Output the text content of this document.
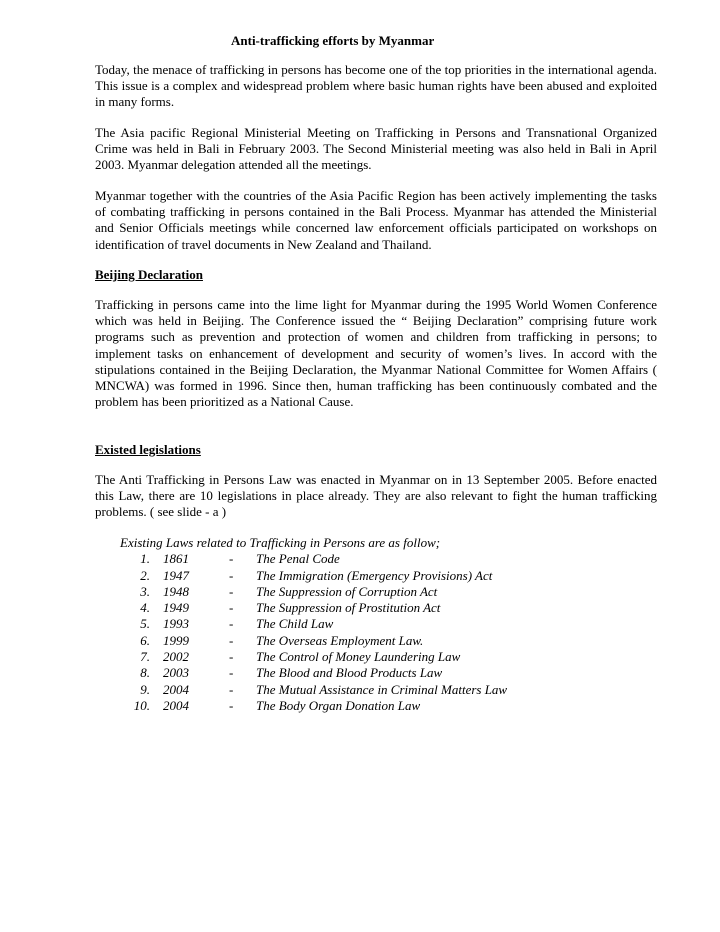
Anti-trafficking efforts by Myanmar

Today, the menace of trafficking in persons has become one of the top priorities in the international agenda. This issue is a complex and widespread problem where basic human rights have been abused and exploited in many forms.

The Asia pacific Regional Ministerial Meeting on Trafficking in Persons and Transnational Organized Crime was held in Bali in February 2003. The Second Ministerial meeting was also held in Bali in April 2003. Myanmar delegation attended all the meetings.

Myanmar together with the countries of the Asia Pacific Region has been actively implementing the tasks of combating trafficking in persons contained in the Bali Process. Myanmar has attended the Ministerial and Senior Officials meetings while concerned law enforcement officials participated on workshops on identification of travel documents in New Zealand and Thailand.

Beijing Declaration

Trafficking in persons came into the lime light for Myanmar during the 1995 World Women Conference which was held in Beijing. The Conference issued the “ Beijing Declaration” comprising future work programs such as prevention and protection of women and children from trafficking in persons; to implement tasks on enhancement of development and security of women’s lives. In accord with the stipulations contained in the Beijing Declaration, the Myanmar National Committee for Women Affairs ( MNCWA) was formed in 1996. Since then, human trafficking has been continuously combated and the problem has been prioritized as a National Cause.

Existed legislations

The Anti Trafficking in Persons Law was enacted in Myanmar on in 13 September 2005. Before enacted this Law, there are 10 legislations in place already. They are also relevant to fight the human trafficking problems. ( see slide - a )

Existing Laws related to Trafficking in Persons are as follow;
1. 1861	- The Penal Code
2. 1947	- The Immigration (Emergency Provisions) Act
3. 1948	- The Suppression of Corruption Act
4. 1949	- The Suppression of Prostitution Act
5. 1993	- The Child Law
6. 1999	- The Overseas Employment Law.
7. 2002	- The Control of Money Laundering Law
8. 2003	- The Blood and Blood Products Law
9. 2004	- The Mutual Assistance in Criminal Matters Law
10. 2004	- The Body Organ Donation Law
